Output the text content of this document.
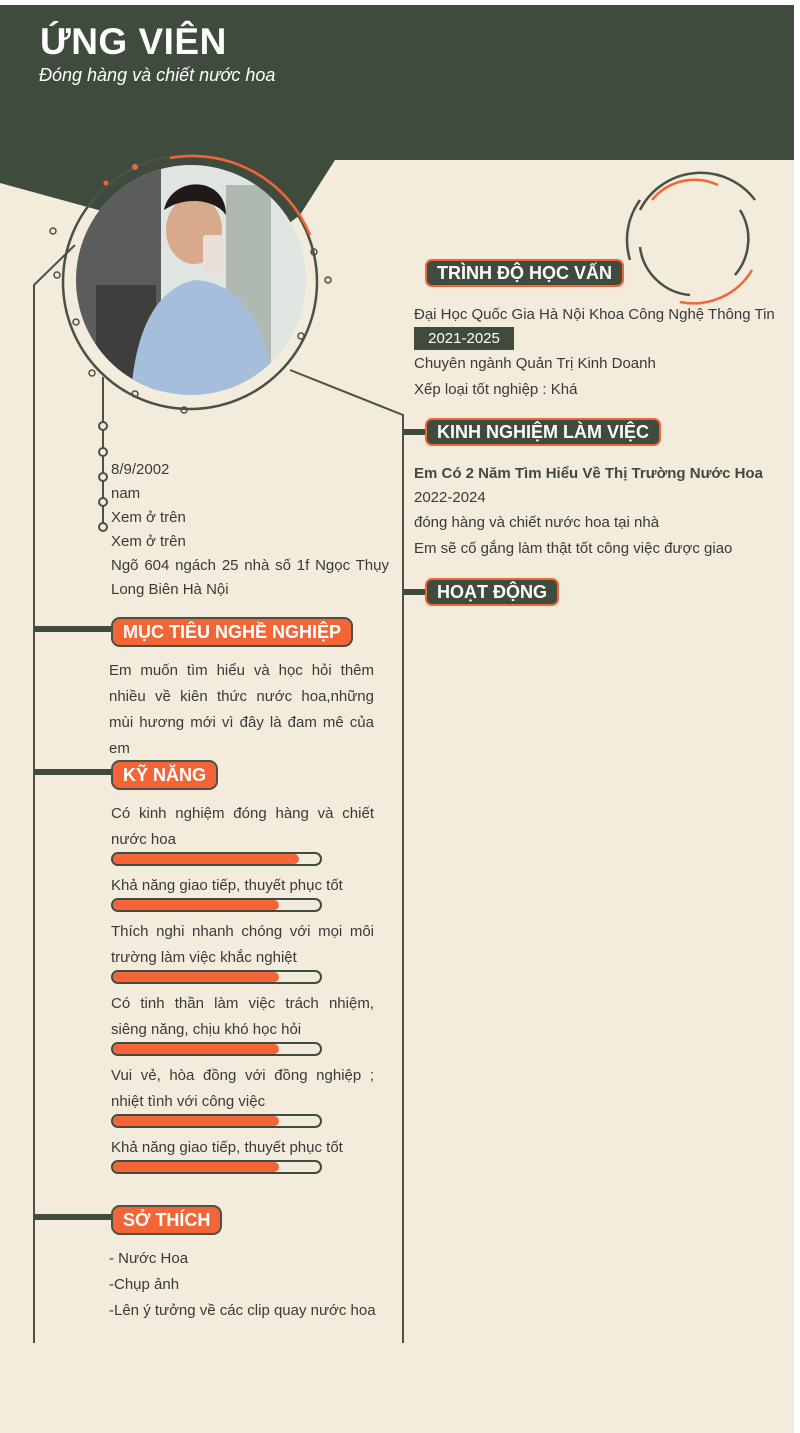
ỨNG VIÊN
Đóng hàng và chiết nước hoa
8/9/2002
nam
Xem ở trên
Xem ở trên
Ngõ 604 ngách 25 nhà số 1f Ngọc Thụy Long Biên Hà Nội
MỤC TIÊU NGHỀ NGHIỆP
Em muốn tìm hiểu và học hỏi thêm nhiều về kiên thức nước hoa,những mùi hương mới vì đây là đam mê của em
KỸ NĂNG
Có kinh nghiệm đóng hàng và chiết nước hoa
Khả năng giao tiếp, thuyết phục tốt
Thích nghi nhanh chóng với mọi môi trường làm việc khắc nghiệt
Có tinh thần làm việc trách nhiệm, siêng năng, chịu khó học hỏi
Vui vẻ, hòa đồng với đồng nghiệp ; nhiệt tình với công việc
Khả năng giao tiếp, thuyết phục tốt
SỞ THÍCH
- Nước Hoa
-Chụp ảnh
-Lên ý tưởng về các clip quay nước hoa
TRÌNH ĐỘ HỌC VẤN
Đại Học Quốc Gia Hà Nội Khoa Công Nghệ Thông Tin
2021-2025
Chuyên ngành Quản Trị Kinh Doanh
Xếp loại tốt nghiệp : Khá
KINH NGHIỆM LÀM VIỆC
Em Có 2 Năm Tìm Hiểu Về Thị Trường Nước Hoa
2022-2024
đóng hàng và chiết nước hoa tại nhà
Em sẽ cố gắng làm thật tốt công việc được giao
HOẠT ĐỘNG
